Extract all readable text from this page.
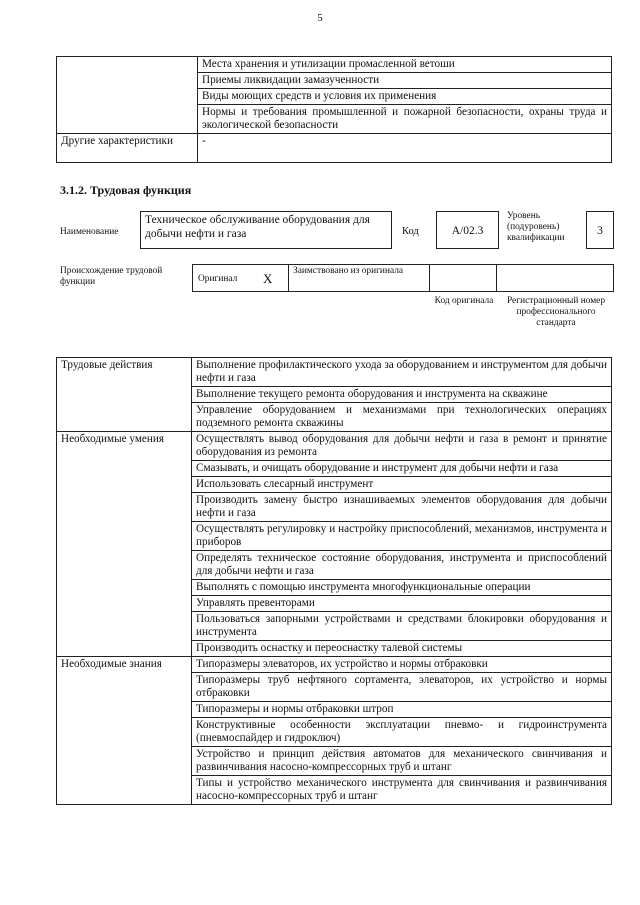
5
	Места хранения и утилизации промасленной ветоши
	Приемы ликвидации замазученности
	Виды моющих средств и условия их применения
	Нормы и требования промышленной и пожарной безопасности, охраны труда и экологической безопасности
Другие характеристики	-
3.1.2. Трудовая функция
Наименование
Техническое обслуживание оборудования для добычи нефти и газа	Код	А/02.3
Уровень (подуровень) квалификации
3
Происхождение трудовой функции	Оригинал X	Заимствовано из оригинала
Код оригинала	Регистрационный номер профессионального стандарта
Трудовые действия	Выполнение профилактического ухода за оборудованием и инструментом для добычи нефти и газа
	Выполнение текущего ремонта оборудования и инструмента на скважине
	Управление оборудованием и механизмами при технологических операциях подземного ремонта скважины
Необходимые умения	Осуществлять вывод оборудования для добычи нефти и газа в ремонт и принятие оборудования из ремонта
	Смазывать, и очищать оборудование и инструмент для добычи нефти и газа
	Использовать слесарный инструмент
	Производить замену быстро изнашиваемых элементов оборудования для добычи нефти и газа
	Осуществлять регулировку и настройку приспособлений, механизмов, инструмента и приборов
	Определять техническое состояние оборудования, инструмента и приспособлений для добычи нефти и газа
	Выполнять с помощью инструмента многофункциональные операции
	Управлять превенторами
	Пользоваться запорными устройствами и средствами блокировки оборудования и инструмента
	Производить оснастку и переоснастку талевой системы
Необходимые знания	Типоразмеры элеваторов, их устройство и нормы отбраковки
	Типоразмеры труб нефтяного сортамента, элеваторов, их устройство и нормы отбраковки
	Типоразмеры и нормы отбраковки штроп
	Конструктивные особенности эксплуатации пневмо- и гидроинструмента (пневмоспайдер и гидроключ)
	Устройство и принцип действия автоматов для механического свинчивания и развинчивания насосно-компрессорных труб и штанг
	Типы и устройство механического инструмента для свинчивания и развинчивания насосно-компрессорных труб и штанг
